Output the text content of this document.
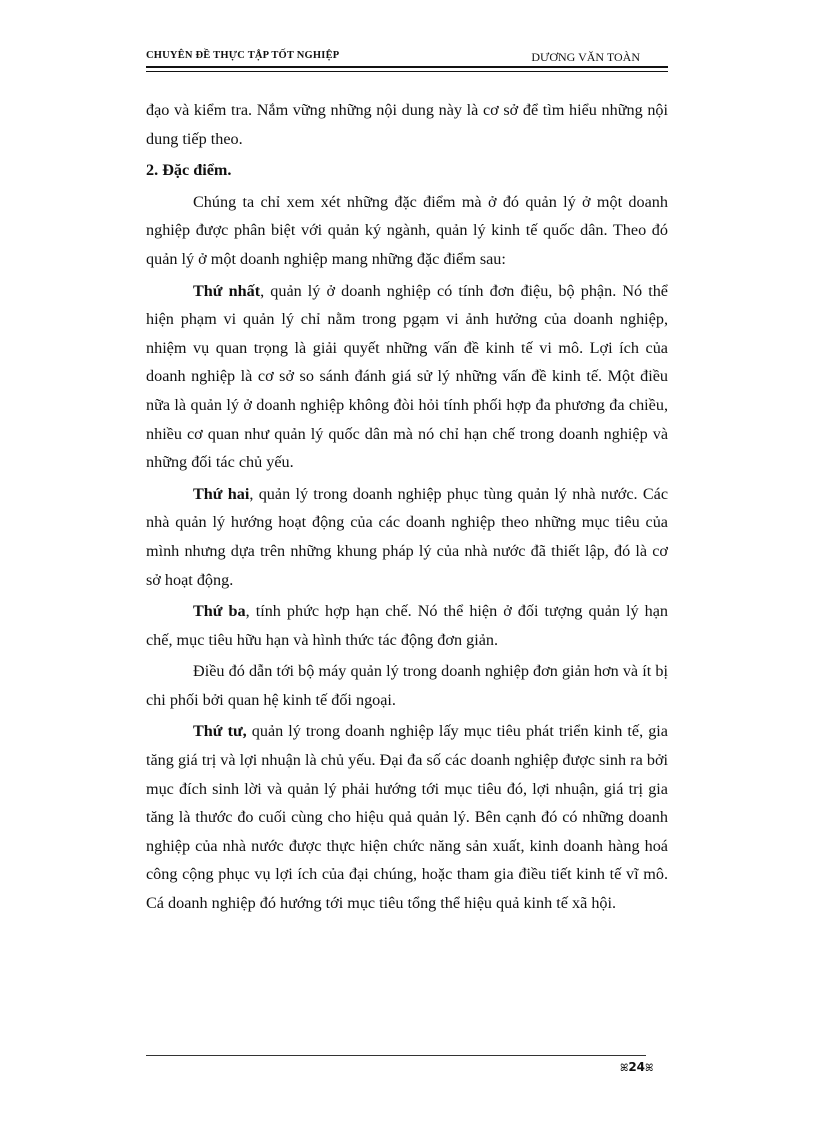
CHUYÊN ĐỀ THỰC TẬP TỐT NGHIỆP	DƯƠNG VĂN TOÀN

đạo và kiểm tra. Nắm vững những nội dung này là cơ sở để tìm hiểu những nội dung tiếp theo.

2. Đặc điểm.

Chúng ta chỉ xem xét những đặc điểm mà ở đó quản lý ở một doanh nghiệp được phân biệt với quản ký ngành, quản lý kinh tế quốc dân. Theo đó quản lý ở một doanh nghiệp mang những đặc điểm sau:

Thứ nhất, quản lý ở doanh nghiệp có tính đơn điệu, bộ phận. Nó thể hiện phạm vi quản lý chỉ nằm trong pgạm vi ảnh hưởng của doanh nghiệp, nhiệm vụ quan trọng là giải quyết những vấn đề kinh tế vi mô. Lợi ích của doanh nghiệp là cơ sở so sánh đánh giá sử lý những vấn đề kinh tế. Một điều nữa là quản lý ở doanh nghiệp không đòi hỏi tính phối hợp đa phương đa chiều, nhiều cơ quan như quản lý quốc dân mà nó chỉ hạn chế trong doanh nghiệp và những đối tác chủ yếu.

Thứ hai, quản lý trong doanh nghiệp phục tùng quản lý nhà nước. Các nhà quản lý hướng hoạt động của các doanh nghiệp theo những mục tiêu của mình nhưng dựa trên những khung pháp lý của nhà nước đã thiết lập, đó là cơ sở hoạt động.

Thứ ba, tính phức hợp hạn chế. Nó thể hiện ở đối tượng quản lý hạn chế, mục tiêu hữu hạn và hình thức tác động đơn giản.

Điều đó dẫn tới bộ máy quản lý trong doanh nghiệp đơn giản hơn và ít bị chi phối bởi quan hệ kinh tế đối ngoại.

Thứ tư, quản lý trong doanh nghiệp lấy mục tiêu phát triển kinh tế, gia tăng giá trị và lợi nhuận là chủ yếu. Đại đa số các doanh nghiệp được sinh ra bởi mục đích sinh lời và quản lý phải hướng tới mục tiêu đó, lợi nhuận, giá trị gia tăng là thước đo cuối cùng cho hiệu quả quản lý. Bên cạnh đó có những doanh nghiệp của nhà nước được thực hiện chức năng sản xuất, kinh doanh hàng hoá công cộng phục vụ lợi ích của đại chúng, hoặc tham gia điều tiết kinh tế vĩ mô. Cá doanh nghiệp đó hướng tới mục tiêu tổng thể hiệu quả kinh tế xã hội.

ꕤ24ꕤ
